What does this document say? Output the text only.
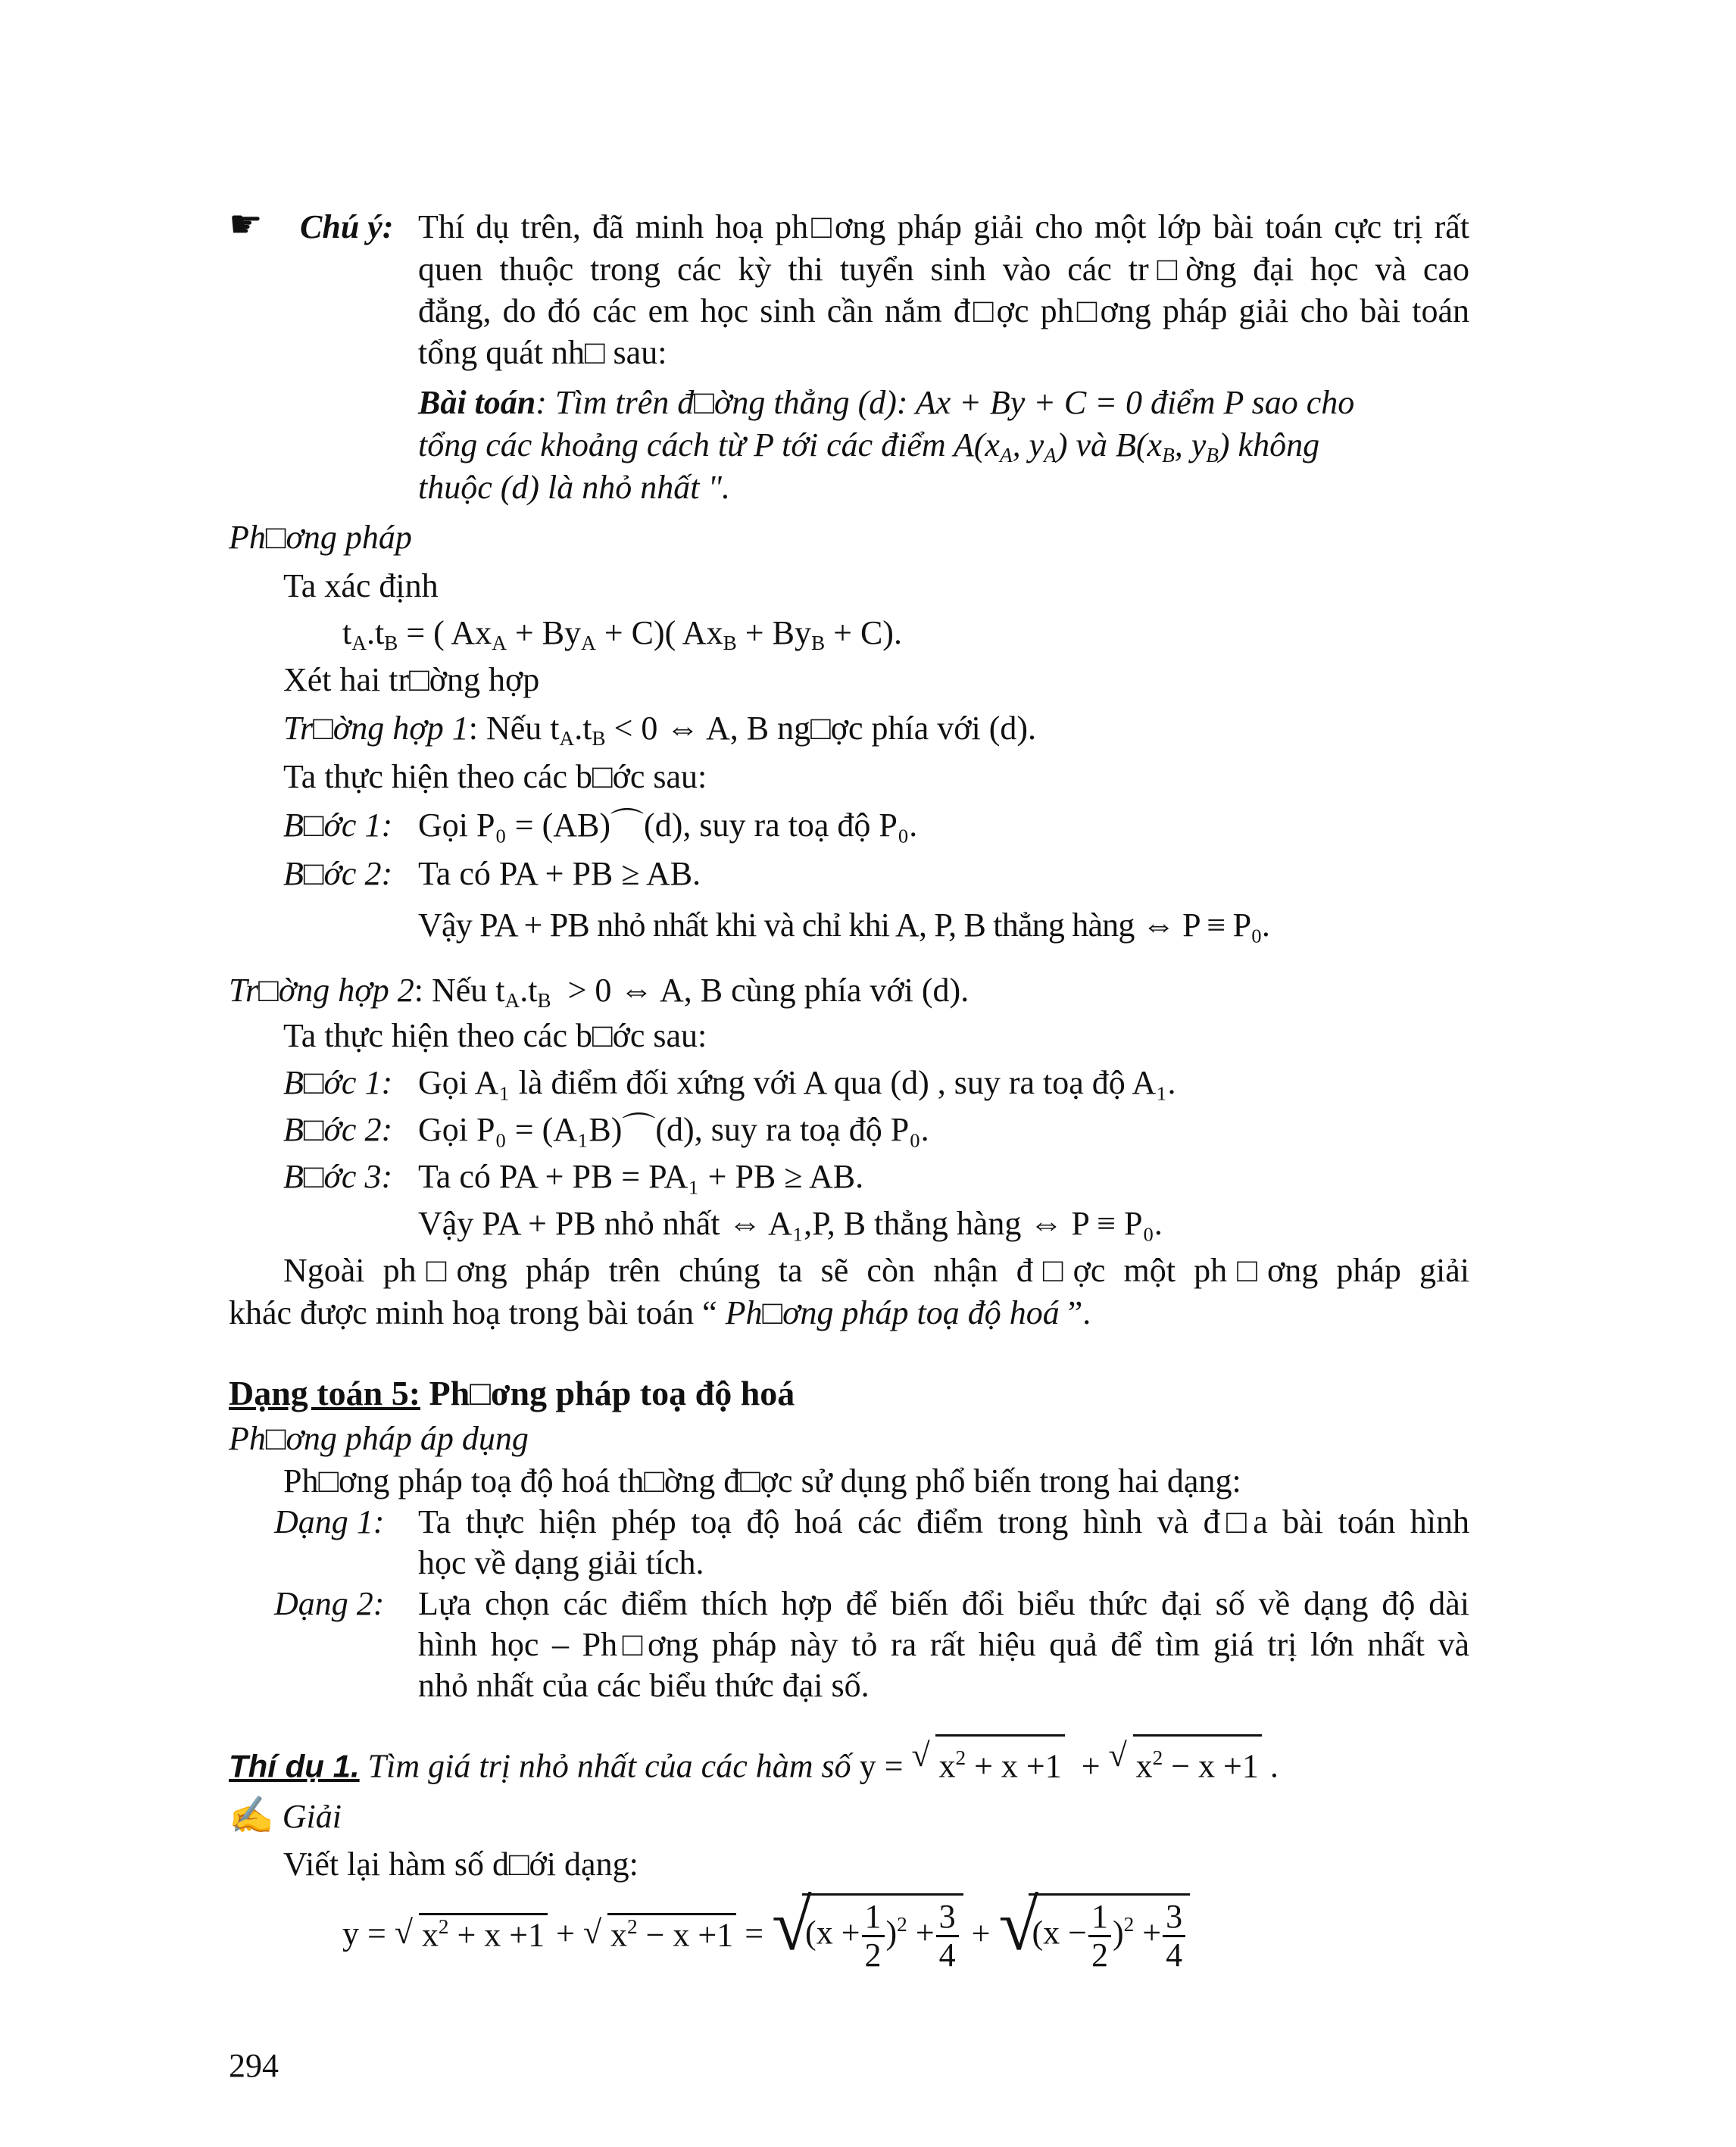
☛ Chú ý: Thí dụ trên, đã minh hoạ ph□ơng pháp giải cho một lớp bài toán cực trị rất
quen thuộc trong các kỳ thi tuyển sinh vào các tr□ờng đại học và cao
đẳng, do đó các em học sinh cần nắm đ□ợc ph□ơng pháp giải cho bài toán
tổng quát nh□ sau:
Bài toán: Tìm trên đ□ờng thẳng (d): Ax + By + C = 0 điểm P sao cho
tổng các khoảng cách từ P tới các điểm $A(x_A$, $y_A$) và $B(x_B$, $y_B$) không
thuộc (d) là nhỏ nhất ".
Ph□ơng pháp
Ta xác định
$t_A.t_B$ = ( $Ax_A + By_A + C$)( $Ax_B + By_B + C$).
Xét hai tr□ờng hợp
Tr□ờng hợp 1: Nếu $t_A.t_B < 0$ ⇔ A, B ng□ợc phía với (d).
Ta thực hiện theo các b□ớc sau:
B□ớc 1: Gọi P₀ = (AB)⌒(d), suy ra toạ độ P₀.
B□ớc 2: Ta có PA + PB ≥ AB.
Vậy PA + PB nhỏ nhất khi và chỉ khi A, P, B thẳng hàng ⇔ P ≡ P₀.
Tr□ờng hợp 2: Nếu $t_A.t_B > 0$ ⇔ A, B cùng phía với (d).
Ta thực hiện theo các b□ớc sau:
B□ớc 1: Gọi A₁ là điểm đối xứng với A qua (d) , suy ra toạ độ A₁.
B□ớc 2: Gọi P₀ = (A₁B)⌒(d), suy ra toạ độ P₀.
B□ớc 3: Ta có PA + PB = PA₁ + PB ≥ AB.
Vậy PA + PB nhỏ nhất ⇔ A₁,P, B thẳng hàng ⇔ P ≡ P₀.
Ngoài ph□ơng pháp trên chúng ta sẽ còn nhận đ□ợc một ph□ơng pháp giải
khác được minh hoạ trong bài toán “ Ph□ơng pháp toạ độ hoá ”.
Dạng toán 5: Ph□ơng pháp toạ độ hoá
Ph□ơng pháp áp dụng
Ph□ơng pháp toạ độ hoá th□ờng đ□ợc sử dụng phổ biến trong hai dạng:
Dạng 1: Ta thực hiện phép toạ độ hoá các điểm trong hình và đ□a bài toán hình
học về dạng giải tích.
Dạng 2: Lựa chọn các điểm thích hợp để biến đổi biểu thức đại số về dạng độ dài
hình học – Ph□ơng pháp này tỏ ra rất hiệu quả để tìm giá trị lớn nhất và
nhỏ nhất của các biểu thức đại số.
Thí dụ 1. Tìm giá trị nhỏ nhất của các hàm số y = √ $x^2 + x +1$  + √ $x^2 - x +1$ .
✍ Giải
Viết lại hàm số d□ới dạng:
y = √ $x^2 + x +1$ + √ $x^2 - x +1$ = √
$(x + \frac{1}{2} )^2 + \frac{3}{4}$ + √
$(x - \frac{1}{2} )^2 + \frac{3}{4}$
294
